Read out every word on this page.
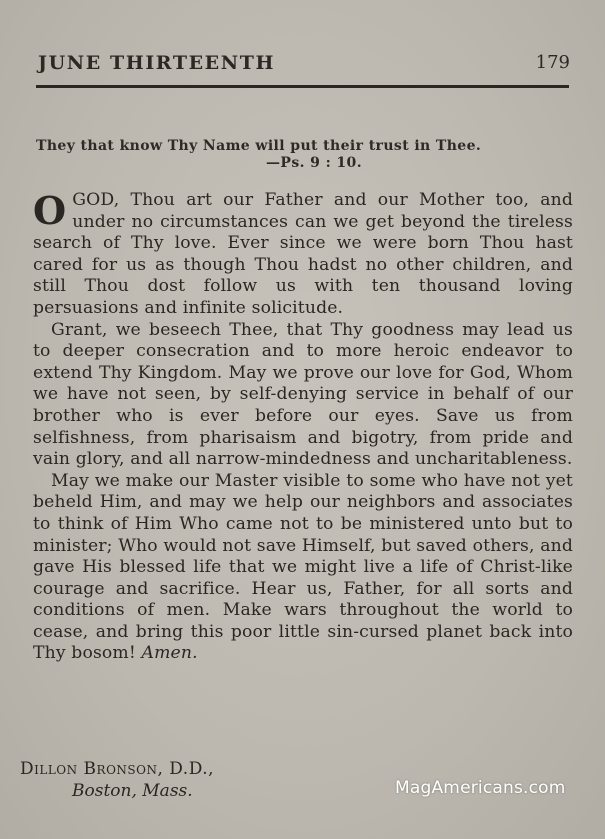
JUNE THIRTEENTH	179
They that know Thy Name will put their trust in Thee.
—Ps. 9 : 10.

O GOD, Thou art our Father and our Mother too, and under no circumstances can we get beyond the tireless search of Thy love. Ever since we were born Thou hast cared for us as though Thou hadst no other children, and still Thou dost follow us with ten thousand loving persuasions and infinite solicitude.

Grant, we beseech Thee, that Thy goodness may lead us to deeper consecration and to more heroic endeavor to extend Thy Kingdom. May we prove our love for God, Whom we have not seen, by self-denying service in behalf of our brother who is ever before our eyes. Save us from selfishness, from pharisaism and bigotry, from pride and vain glory, and all narrow-mindedness and uncharitableness.

May we make our Master visible to some who have not yet beheld Him, and may we help our neighbors and associates to think of Him Who came not to be ministered unto but to minister; Who would not save Himself, but saved others, and gave His blessed life that we might live a life of Christ-like courage and sacrifice. Hear us, Father, for all sorts and conditions of men. Make wars throughout the world to cease, and bring this poor little sin-cursed planet back into Thy bosom! Amen.

Dillon Bronson, D.D.,
Boston, Mass.	MagAmericans.com
